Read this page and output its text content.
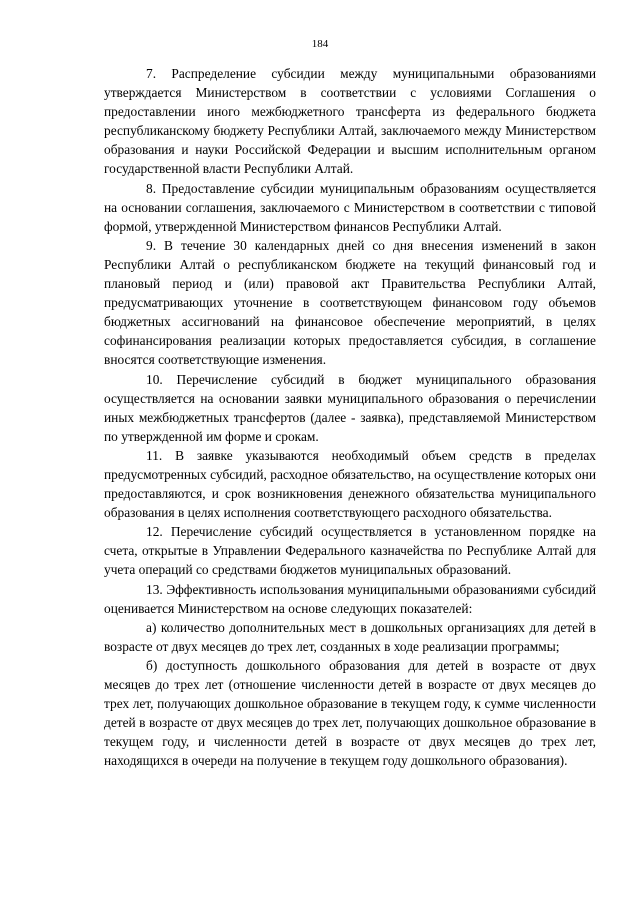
184

7. Распределение субсидии между муниципальными образованиями утверждается Министерством в соответствии с условиями Соглашения о предоставлении иного межбюджетного трансферта из федерального бюджета республиканскому бюджету Республики Алтай, заключаемого между Министерством образования и науки Российской Федерации и высшим исполнительным органом государственной власти Республики Алтай.

8. Предоставление субсидии муниципальным образованиям осуществляется на основании соглашения, заключаемого с Министерством в соответствии с типовой формой, утвержденной Министерством финансов Республики Алтай.

9. В течение 30 календарных дней со дня внесения изменений в закон Республики Алтай о республиканском бюджете на текущий финансовый год и плановый период и (или) правовой акт Правительства Республики Алтай, предусматривающих уточнение в соответствующем финансовом году объемов бюджетных ассигнований на финансовое обеспечение мероприятий, в целях софинансирования реализации которых предоставляется субсидия, в соглашение вносятся соответствующие изменения.

10. Перечисление субсидий в бюджет муниципального образования осуществляется на основании заявки муниципального образования о перечислении иных межбюджетных трансфертов (далее - заявка), представляемой Министерством по утвержденной им форме и срокам.

11. В заявке указываются необходимый объем средств в пределах предусмотренных субсидий, расходное обязательство, на осуществление которых они предоставляются, и срок возникновения денежного обязательства муниципального образования в целях исполнения соответствующего расходного обязательства.

12. Перечисление субсидий осуществляется в установленном порядке на счета, открытые в Управлении Федерального казначейства по Республике Алтай для учета операций со средствами бюджетов муниципальных образований.

13. Эффективность использования муниципальными образованиями субсидий оценивается Министерством на основе следующих показателей:

а) количество дополнительных мест в дошкольных организациях для детей в возрасте от двух месяцев до трех лет, созданных в ходе реализации программы;

б) доступность дошкольного образования для детей в возрасте от двух месяцев до трех лет (отношение численности детей в возрасте от двух месяцев до трех лет, получающих дошкольное образование в текущем году, к сумме численности детей в возрасте от двух месяцев до трех лет, получающих дошкольное образование в текущем году, и численности детей в возрасте от двух месяцев до трех лет, находящихся в очереди на получение в текущем году дошкольного образования).
